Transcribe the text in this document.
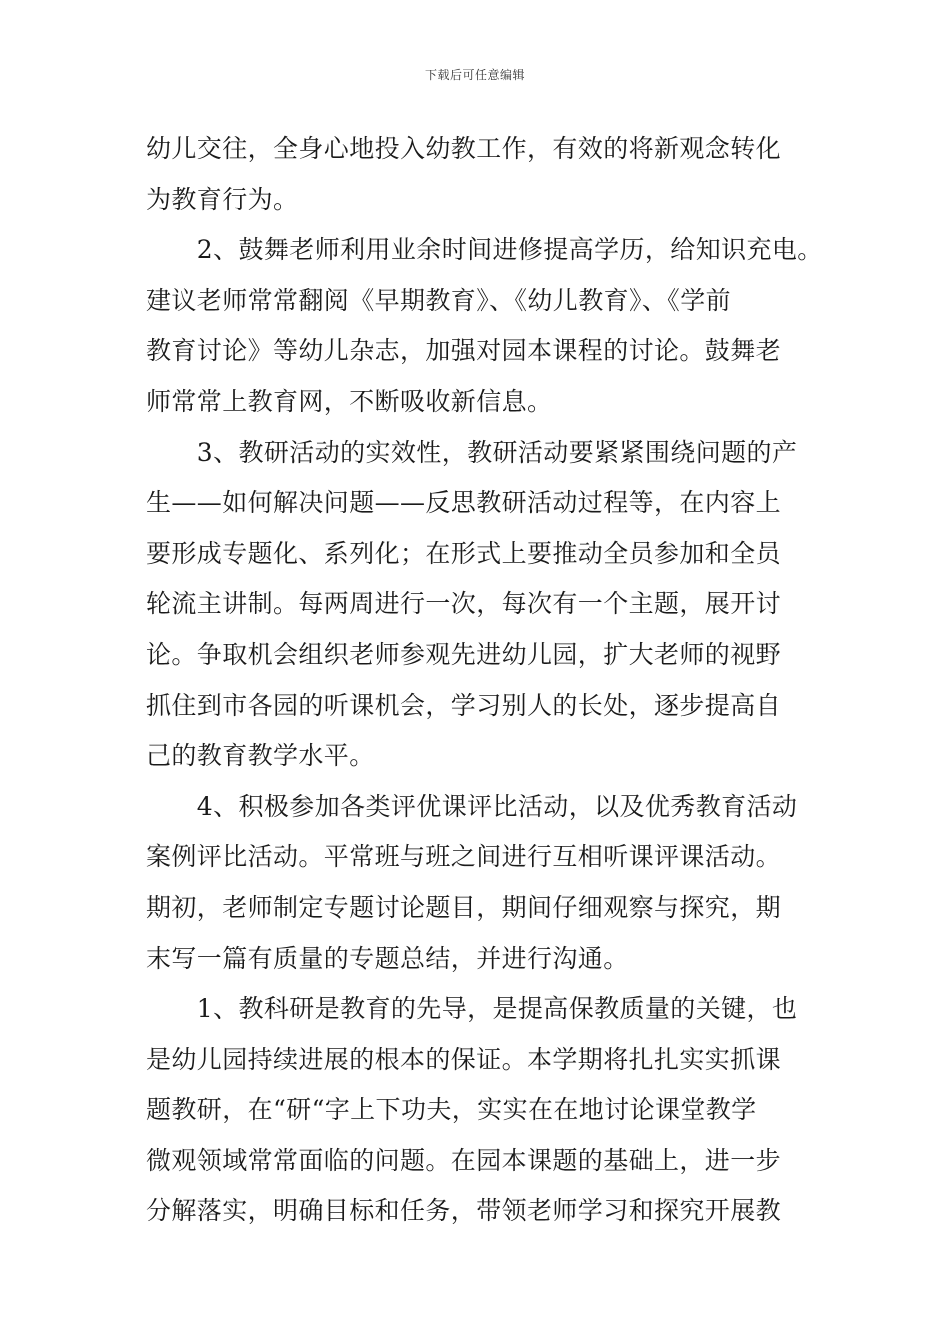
下载后可任意编辑
幼儿交往，全身心地投入幼教工作，有效的将新观念转化
为教育行为。
　　2、鼓舞老师利用业余时间进修提高学历，给知识充电。
建议老师常常翻阅《早期教育》、《幼儿教育》、《学前
教育讨论》等幼儿杂志，加强对园本课程的讨论。鼓舞老
师常常上教育网，不断吸收新信息。
　　3、教研活动的实效性，教研活动要紧紧围绕问题的产
生——如何解决问题——反思教研活动过程等，在内容上
要形成专题化、系列化；在形式上要推动全员参加和全员
轮流主讲制。每两周进行一次，每次有一个主题，展开讨
论。争取机会组织老师参观先进幼儿园，扩大老师的视野
抓住到市各园的听课机会，学习别人的长处，逐步提高自
己的教育教学水平。
　　4、积极参加各类评优课评比活动，以及优秀教育活动
案例评比活动。平常班与班之间进行互相听课评课活动。
期初，老师制定专题讨论题目，期间仔细观察与探究，期
末写一篇有质量的专题总结，并进行沟通。
　　1、教科研是教育的先导，是提高保教质量的关键，也
是幼儿园持续进展的根本的保证。本学期将扎扎实实抓课
题教研，在“研“字上下功夫，实实在在地讨论课堂教学
微观领域常常面临的问题。在园本课题的基础上，进一步
分解落实，明确目标和任务，带领老师学习和探究开展教
